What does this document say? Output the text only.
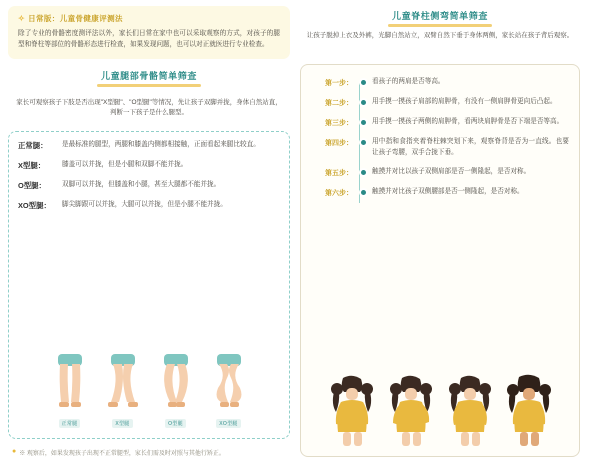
✧ 日常版：儿童骨健康评测法
除了专业的骨骼密度测评法以外，家长们日常在家中也可以采取观察的方式，对孩子的腿型和脊柱等部位的骨骼形态进行检查，如果发现问题，也可以对正就医进行专业检查。
儿童腿部骨骼简单筛查
家长可观察孩子下肢是否出现"X型腿"、"O型腿"等情况，先让孩子双脚并拢，身体自然站直，判断一下孩子是什么腿型。
正常腿：	是最标准的腿型，两腿和膝盖内侧都相接触，正面看起来腿比较直。
X型腿：	膝盖可以并拢，但是小腿和双脚不能并拢。
O型腿：	双脚可以并拢，但膝盖和小腿，甚至大腿都不能并拢。
XO型腿：	脚尖脚跟可以并拢，大腿可以并拢，但是小腿不能并拢。
正常腿	X型腿	O型腿	XO型腿
● ※ 观察后，如果发现孩子出现不正常腿型，家长们需及时对照与其他行矫正。
儿童脊柱侧弯简单筛查
让孩子脱掉上衣及外裤，光脚自然站立，双臂自然下垂于身体两侧，家长站在孩子背后观察。
第一步：	看孩子的两肩是否等高。
第二步：	用手摸一摸孩子肩部的肩胛骨，有没有一侧肩胛骨更向后凸起。
第三步：	用手摸一摸孩子两侧的肩胛骨，看两块肩胛骨是否下端是否等高。
第四步：	用中指和食指夹着脊柱棘突划下来，观察脊背是否为一直线。也要让孩子弯腰，双手合拢下垂。
第五步：	触摸并对比以孩子双侧肩部是否一侧隆起，是否对称。
第六步：	触摸并对比孩子双侧腰部是否一侧隆起，是否对称。
